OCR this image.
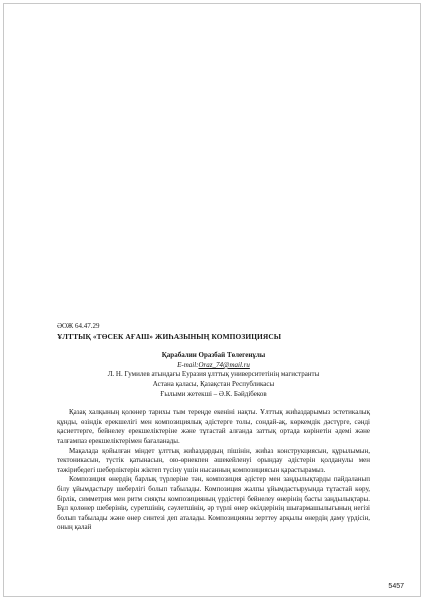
ӘОЖ 64.47.29

ҰЛТТЫҚ «ТӨСЕК АҒАШ» ЖИҺАЗЫНЫҢ КОМПОЗИЦИЯСЫ

Қарабалин Оразбай Төлегенұлы

E-mail:Oraz_74@mail.ru

Л. Н. Гумилев атындағы Еуразия ұлттық университетінің магистранты

Астана қаласы, Қазақстан Республикасы

Ғылыми жетекші – Ә.К. Бәйдібеков

Қазақ халқының қолөнер тарихы тым тереңде екеніні нақты. Ұлттық жиһаздарымыз эстетикалық құнды, өзіндік ерекшелігі мен композициялық әдістерге толы, сондай-ақ, көркемдік дәстүрге, сәнді қасиеттерге, бейнелеу ерекшеліктеріне және тұтастай алғанда заттық ортада көрінетін әдемі және талғампаз ерекшеліктерімен бағаланады.

Мақалада қойылған міндет ұлттық жиһаздардың пішінін, жиһаз конструкциясын, құрылымын, тектоникасын, түстік қатынасын, ою-өрнекпен әшекейленуі орындау әдістерін қолданулы мен тәжірибедегі шеберліктерін жіктеп түсіну үшін нысанның композициясын қарастырамыз.

Композиция өнердің барлық түрлеріне тән, композиция әдістер мен заңдылықтарды пайдаланып білу ұйымдастыру шеберлігі болып табылады. Композиция жалпы ұйымдастыруында тұтастай көру, бірлік, симметрия мен ритм сияқты композицияның үрдістері бейнелеу өнерінің басты заңдылықтары. Бұл қолөнер шеберінің, суретшінің, сәулетшінің, әр түрлі өнер өкілдерінің шығармашылығының негізі болып табылады және өнер синтезі деп аталады. Композицияны зерттеу арқылы өнердің даму үрдісін, оның қалай

5457
